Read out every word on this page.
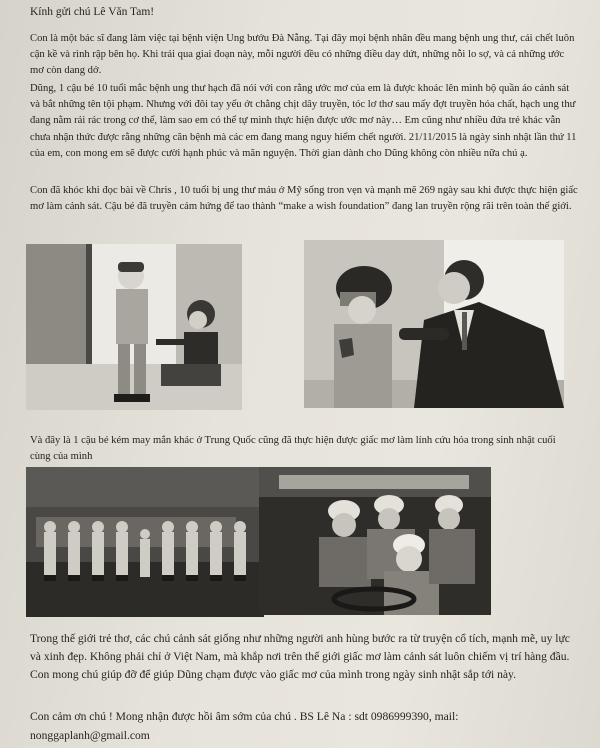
Kính gửi chú Lê Văn Tam!

Con là một bác sĩ đang làm việc tại bệnh viện Ung bướu Đà Nẵng. Tại đây mọi bệnh nhân đều mang bệnh ung thư, cái chết luôn cận kề và rình rập bên họ. Khi trải qua giai đoạn này, mỗi người đều có những điều day dứt, những nỗi lo sợ, và cả những ước mơ còn dang dở.

Dũng, 1 cậu bé 10 tuổi mắc bệnh ung thư hạch đã nói với con rằng ước mơ của em là được khoác lên mình bộ quần áo cảnh sát và bắt những tên tội phạm. Nhưng với đôi tay yếu ớt chằng chịt dây truyền, tóc lơ thơ sau mấy đợt truyền hóa chất, hạch ung thư đang nằm rải rác trong cơ thể, làm sao em có thể tự mình thực hiện được ước mơ này… Em cũng như nhiều đứa trẻ khác vẫn chưa nhận thức được rằng những căn bệnh mà các em đang mang nguy hiểm chết người. 21/11/2015 là ngày sinh nhật lần thứ 11 của em, con mong em sẽ được cười hạnh phúc và mãn nguyện. Thời gian dành cho Dũng không còn nhiều nữa chú ạ.

Con đã khóc khi đọc bài về Chris , 10 tuổi bị ung thư máu ở Mỹ sống tron vẹn và mạnh mẽ 269 ngày sau khi được thực hiện giấc mơ làm cảnh sát. Cậu bé đã truyền cảm hứng để tao thành “make a wish foundation” đang lan truyền rộng rãi trên toàn thế giới.

Và đây là 1 cậu bé kém may mắn khác ở Trung Quốc cũng đã thực hiện được giấc mơ làm lính cứu hỏa trong sinh nhật cuối cùng của mình

Trong thế giới trẻ thơ, các chú cảnh sát giống như những người anh hùng bước ra từ truyện cổ tích, mạnh mẽ, uy lực và xinh đẹp. Không phải chỉ ở Việt Nam, mà khắp nơi trên thế giới giấc mơ làm cảnh sát luôn chiếm vị trí hàng đầu. Con mong chú giúp đỡ để giúp Dũng chạm được vào giấc mơ của mình trong ngày sinh nhật sắp tới này.

Con cảm ơn chú ! Mong nhận được hồi âm sớm của chú . BS Lê Na : sdt 0986999390, mail: nonggaplanh@gmail.com
